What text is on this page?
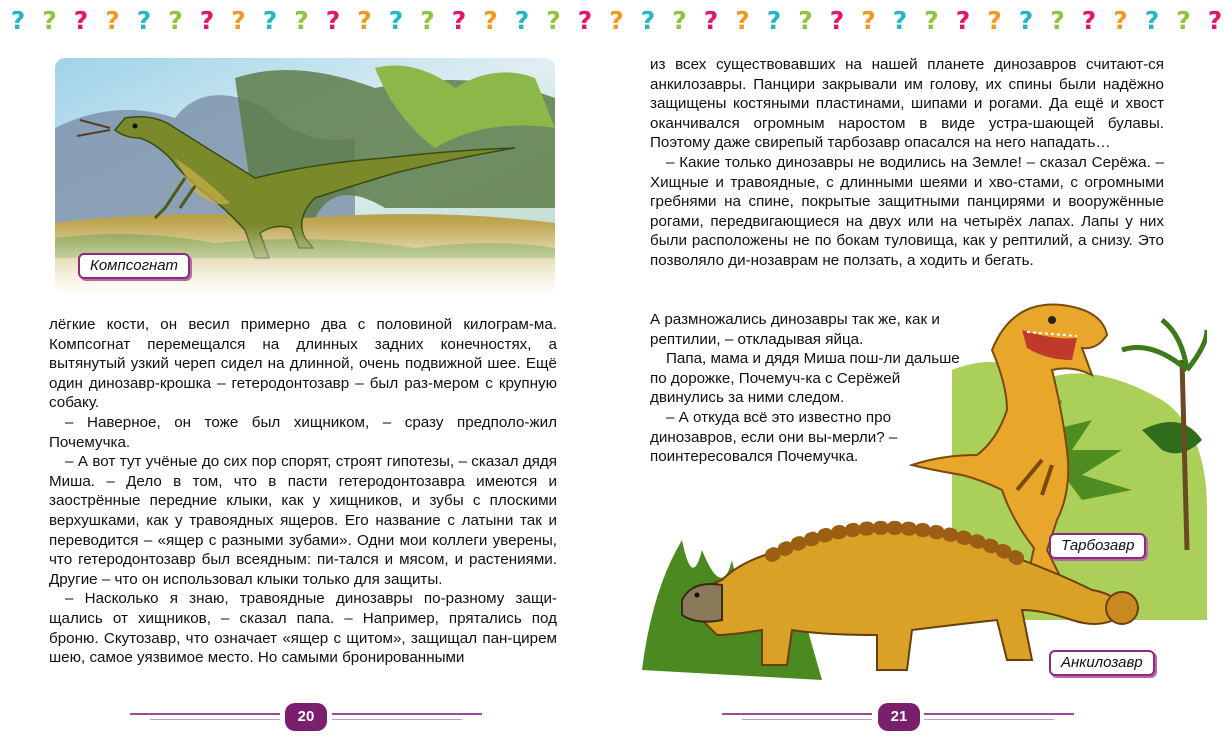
? ? ? ? ? ? ? ? ? ? ? ? ? ? ? ? ? ? ? ? ? ? ? ? ? ? ? ? ? ? ? ? ? ? ? ? ? ? ?
Компсогнат

лёгкие кости, он весил примерно два с половиной килограм-ма. Компсогнат перемещался на длинных задних конечностях, а вытянутый узкий череп сидел на длинной, очень подвижной шее. Ещё один динозавр-крошка – гетеродонтозавр – был раз-мером с крупную собаку.

– Наверное, он тоже был хищником, – сразу предполо-жил Почемучка.

– А вот тут учёные до сих пор спорят, строят гипотезы, – сказал дядя Миша. – Дело в том, что в пасти гетеродонтозавра имеются и заострённые передние клыки, как у хищников, и зубы с плоскими верхушками, как у травоядных ящеров. Его название с латыни так и переводится – «ящер с разными зубами». Одни мои коллеги уверены, что гетеродонтозавр был всеядным: пи-тался и мясом, и растениями. Другие – что он использовал клыки только для защиты.

– Насколько я знаю, травоядные динозавры по-разному защи-щались от хищников, – сказал папа. – Например, прятались под броню. Скутозавр, что означает «ящер с щитом», защищал пан-цирем шею, самое уязвимое место. Но самыми бронированными

20

из всех существовавших на нашей планете динозавров считают-ся анкилозавры. Панцири закрывали им голову, их спины были надёжно защищены костяными пластинами, шипами и рогами. Да ещё и хвост оканчивался огромным наростом в виде устра-шающей булавы. Поэтому даже свирепый тарбозавр опасался на него нападать…

– Какие только динозавры не водились на Земле! – сказал Серёжа. – Хищные и травоядные, с длинными шеями и хво-стами, с огромными гребнями на спине, покрытые защитными панцирями и вооружённые рогами, передвигающиеся на двух или на четырёх лапах. Лапы у них были расположены не по бокам туловища, как у рептилий, а снизу. Это позволяло ди-нозаврам не ползать, а ходить и бегать.

А размножались динозавры так же, как и рептилии, – откладывая яйца.

Папа, мама и дядя Миша пош-ли дальше по дорожке, Почемуч-ка с Серёжей двинулись за ними следом.

– А откуда всё это известно про динозавров, если они вы-мерли? – поинтересовался Почемучка.

Тарбозавр
Анкилозавр
21
